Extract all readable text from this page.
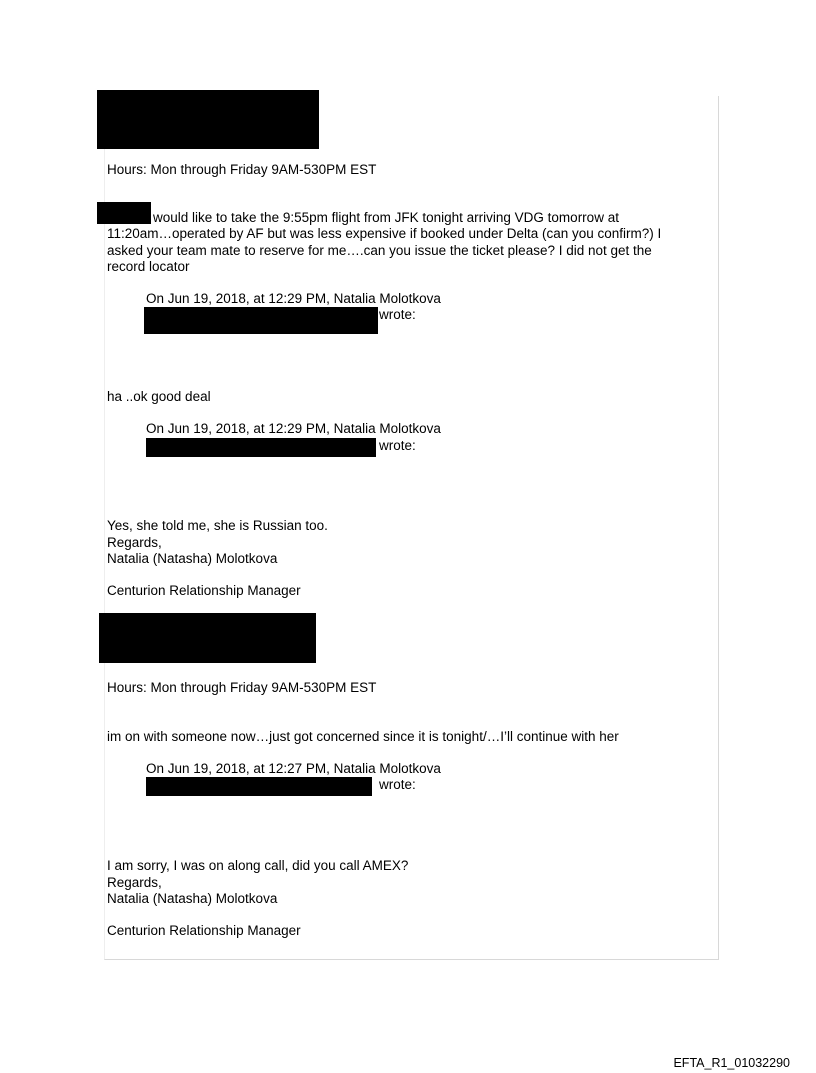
Hours: Mon through Friday 9AM-530PM EST
would like to take the 9:55pm flight from JFK tonight arriving VDG tomorrow at
11:20am…operated by AF but was less expensive if booked under Delta (can you confirm?) I
asked your team mate to reserve for me….can you issue the ticket please? I did not get the
record locator
On Jun 19, 2018, at 12:29 PM, Natalia Molotkova
wrote:
ha ..ok good deal
On Jun 19, 2018, at 12:29 PM, Natalia Molotkova
wrote:
Yes, she told me, she is Russian too.
Regards,
Natalia (Natasha) Molotkova
Centurion Relationship Manager
Hours: Mon through Friday 9AM-530PM EST
im on with someone now…just got concerned since it is tonight/…I’ll continue with her
On Jun 19, 2018, at 12:27 PM, Natalia Molotkova
wrote:
I am sorry, I was on along call, did you call AMEX?
Regards,
Natalia (Natasha) Molotkova
Centurion Relationship Manager
EFTA_R1_01032290
